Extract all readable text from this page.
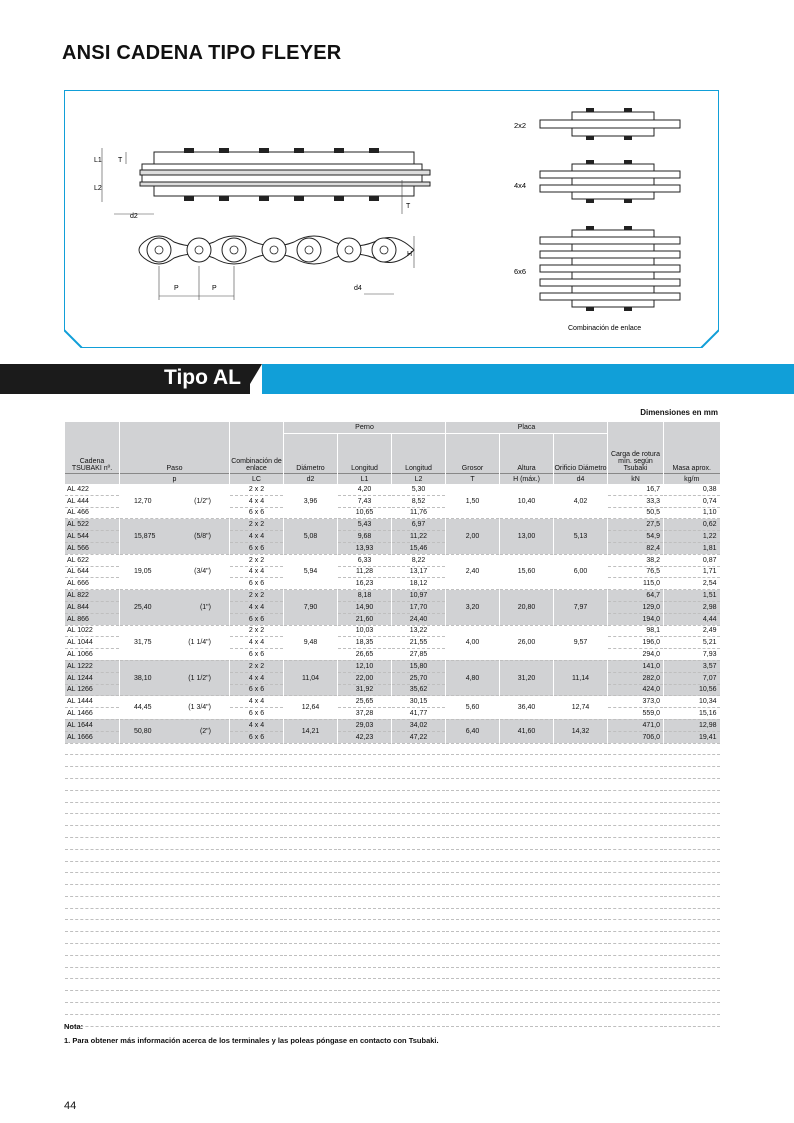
ANSI CADENA TIPO FLEYER
L1
L2
T
T
d2
H
P	P	d4
2x2
4x4
6x6
Combinación de enlace
Tipo AL
Dimensiones en mm
Cadena TSUBAKI nº.	Paso	Combinación de enlace	Perno			Placa			Carga de rotura mín. según Tsubaki	Masa aprox.
			Diámetro	Longitud	Longitud	Grosor	Altura	Orificio Diámetro		
	p	LC	d2	L1	L2	T	H (máx.)	d4	kN	kg/m
AL 422	12,70 (1/2")	2 x 2	3,96	4,20	5,30	1,50	10,40	4,02	16,7	0,38
AL 444		4 x 4		7,43	8,52				33,3	0,74
AL 466		6 x 6		10,65	11,76				50,5	1,10
AL 522	15,875 (5/8")	2 x 2	5,08	5,43	6,97	2,00	13,00	5,13	27,5	0,62
AL 544		4 x 4		9,68	11,22				54,9	1,22
AL 566		6 x 6		13,93	15,46				82,4	1,81
AL 622	19,05 (3/4")	2 x 2	5,94	6,33	8,22	2,40	15,60	6,00	38,2	0,87
AL 644		4 x 4		11,28	13,17				76,5	1,71
AL 666		6 x 6		16,23	18,12				115,0	2,54
AL 822	25,40 (1")	2 x 2	7,90	8,18	10,97	3,20	20,80	7,97	64,7	1,51
AL 844		4 x 4		14,90	17,70				129,0	2,98
AL 866		6 x 6		21,60	24,40				194,0	4,44
AL 1022	31,75 (1 1/4")	2 x 2	9,48	10,03	13,22	4,00	26,00	9,57	98,1	2,49
AL 1044		4 x 4		18,35	21,55				196,0	5,21
AL 1066		6 x 6		26,65	27,85				294,0	7,93
AL 1222	38,10 (1 1/2")	2 x 2	11,04	12,10	15,80	4,80	31,20	11,14	141,0	3,57
AL 1244		4 x 4		22,00	25,70				282,0	7,07
AL 1266		6 x 6		31,92	35,62				424,0	10,56
AL 1444	44,45 (1 3/4")	4 x 4	12,64	25,65	30,15	5,60	36,40	12,74	373,0	10,34
AL 1466		6 x 6		37,28	41,77				559,0	15,16
AL 1644	50,80 (2")	4 x 4	14,21	29,03	34,02	6,40	41,60	14,32	471,0	12,98
AL 1666		6 x 6		42,23	47,22				706,0	19,41

Nota:
1. Para obtener más información acerca de los terminales y las poleas póngase en contacto con Tsubaki.
44
